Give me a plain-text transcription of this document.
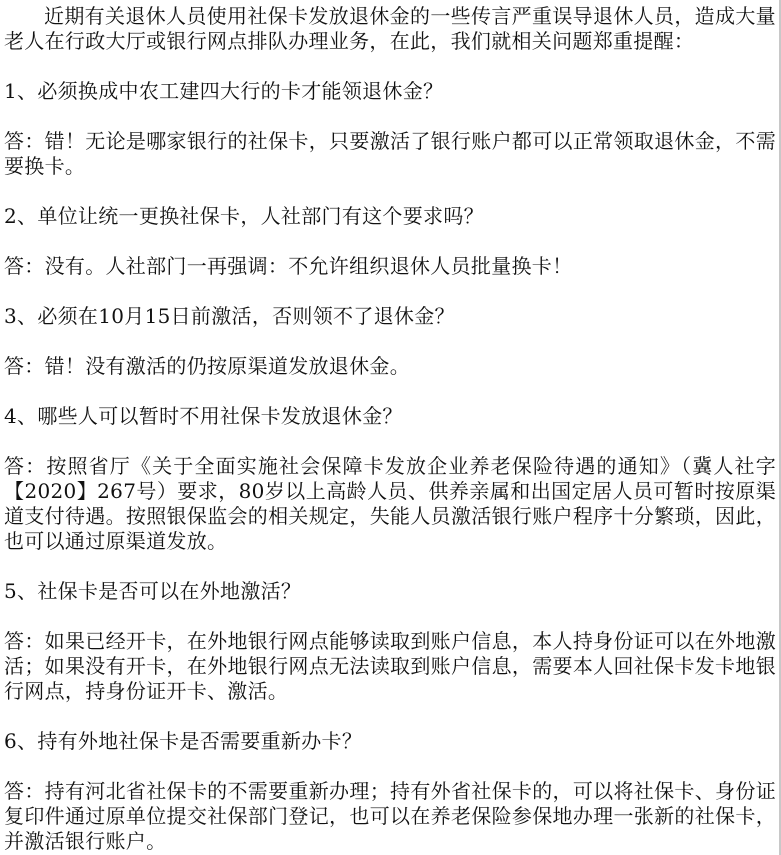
近期有关退休人员使用社保卡发放退休金的一些传言严重误导退休人员，造成大量老人在行政大厅或银行网点排队办理业务，在此，我们就相关问题郑重提醒：

1、必须换成中农工建四大行的卡才能领退休金？

答：错！无论是哪家银行的社保卡，只要激活了银行账户都可以正常领取退休金，不需要换卡。

2、单位让统一更换社保卡，人社部门有这个要求吗？

答：没有。人社部门一再强调：不允许组织退休人员批量换卡！

3、必须在10月15日前激活，否则领不了退休金？

答：错！没有激活的仍按原渠道发放退休金。

4、哪些人可以暂时不用社保卡发放退休金？

答：按照省厅《关于全面实施社会保障卡发放企业养老保险待遇的通知》（冀人社字【2020】267号）要求，80岁以上高龄人员、供养亲属和出国定居人员可暂时按原渠道支付待遇。按照银保监会的相关规定，失能人员激活银行账户程序十分繁琐，因此，也可以通过原渠道发放。

5、社保卡是否可以在外地激活？

答：如果已经开卡，在外地银行网点能够读取到账户信息，本人持身份证可以在外地激活；如果没有开卡，在外地银行网点无法读取到账户信息，需要本人回社保卡发卡地银行网点，持身份证开卡、激活。

6、持有外地社保卡是否需要重新办卡？

答：持有河北省社保卡的不需要重新办理；持有外省社保卡的，可以将社保卡、身份证复印件通过原单位提交社保部门登记，也可以在养老保险参保地办理一张新的社保卡，并激活银行账户。
